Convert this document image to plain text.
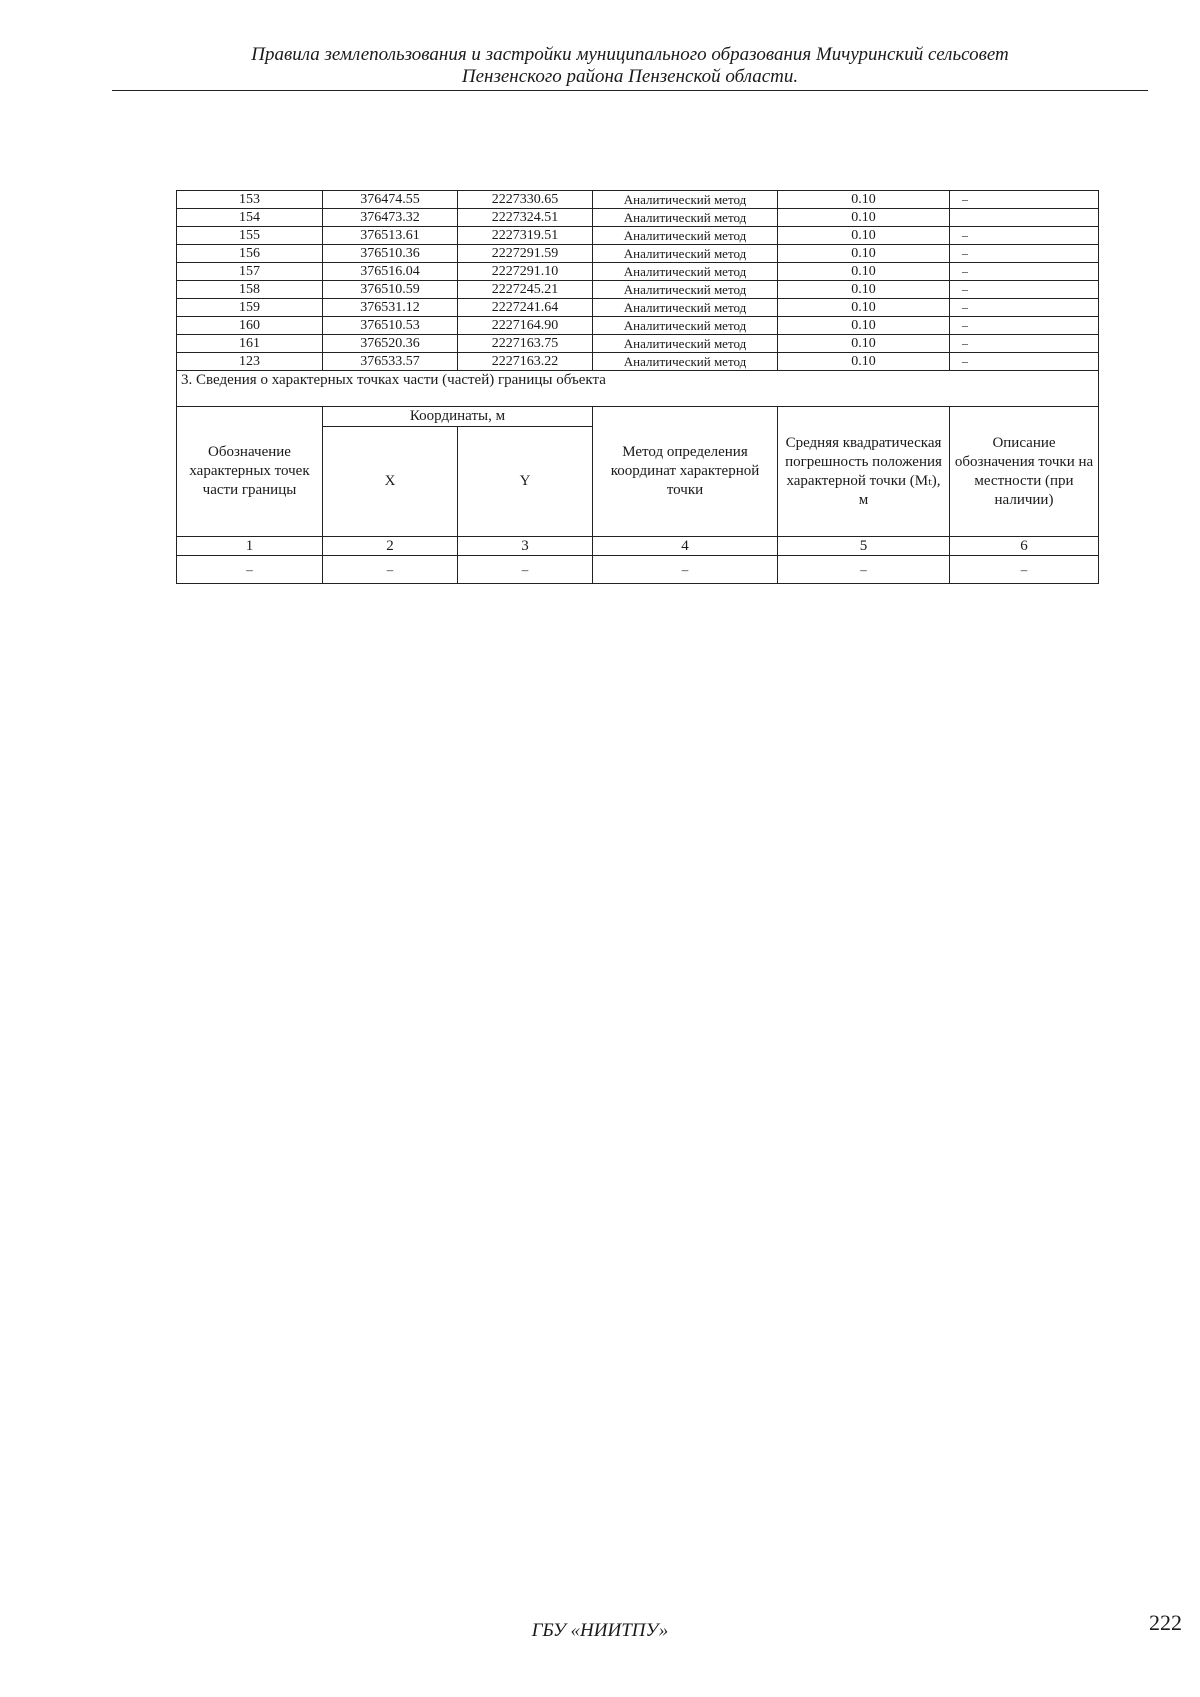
Правила землепользования и застройки муниципального образования Мичуринский сельсовет
Пензенского района Пензенской области.
153	376474.55	2227330.65	Аналитический метод	0.10	–
154	376473.32	2227324.51	Аналитический метод	0.10	
155	376513.61	2227319.51	Аналитический метод	0.10	–
156	376510.36	2227291.59	Аналитический метод	0.10	–
157	376516.04	2227291.10	Аналитический метод	0.10	–
158	376510.59	2227245.21	Аналитический метод	0.10	–
159	376531.12	2227241.64	Аналитический метод	0.10	–
160	376510.53	2227164.90	Аналитический метод	0.10	–
161	376520.36	2227163.75	Аналитический метод	0.10	–
123	376533.57	2227163.22	Аналитический метод	0.10	–
3. Сведения о характерных точках части (частей) границы объекта					
Обозначение характерных точек части границы	Координаты, м		Метод определения координат характерной точки	Средняя квадратическая погрешность положения характерной точки (Мₜ), м	Описание обозначения точки на местности (при наличии)
	X	Y			
1	2	3	4	5	6
–	–	–	–	–	–
ГБУ «НИИТПУ»	222
